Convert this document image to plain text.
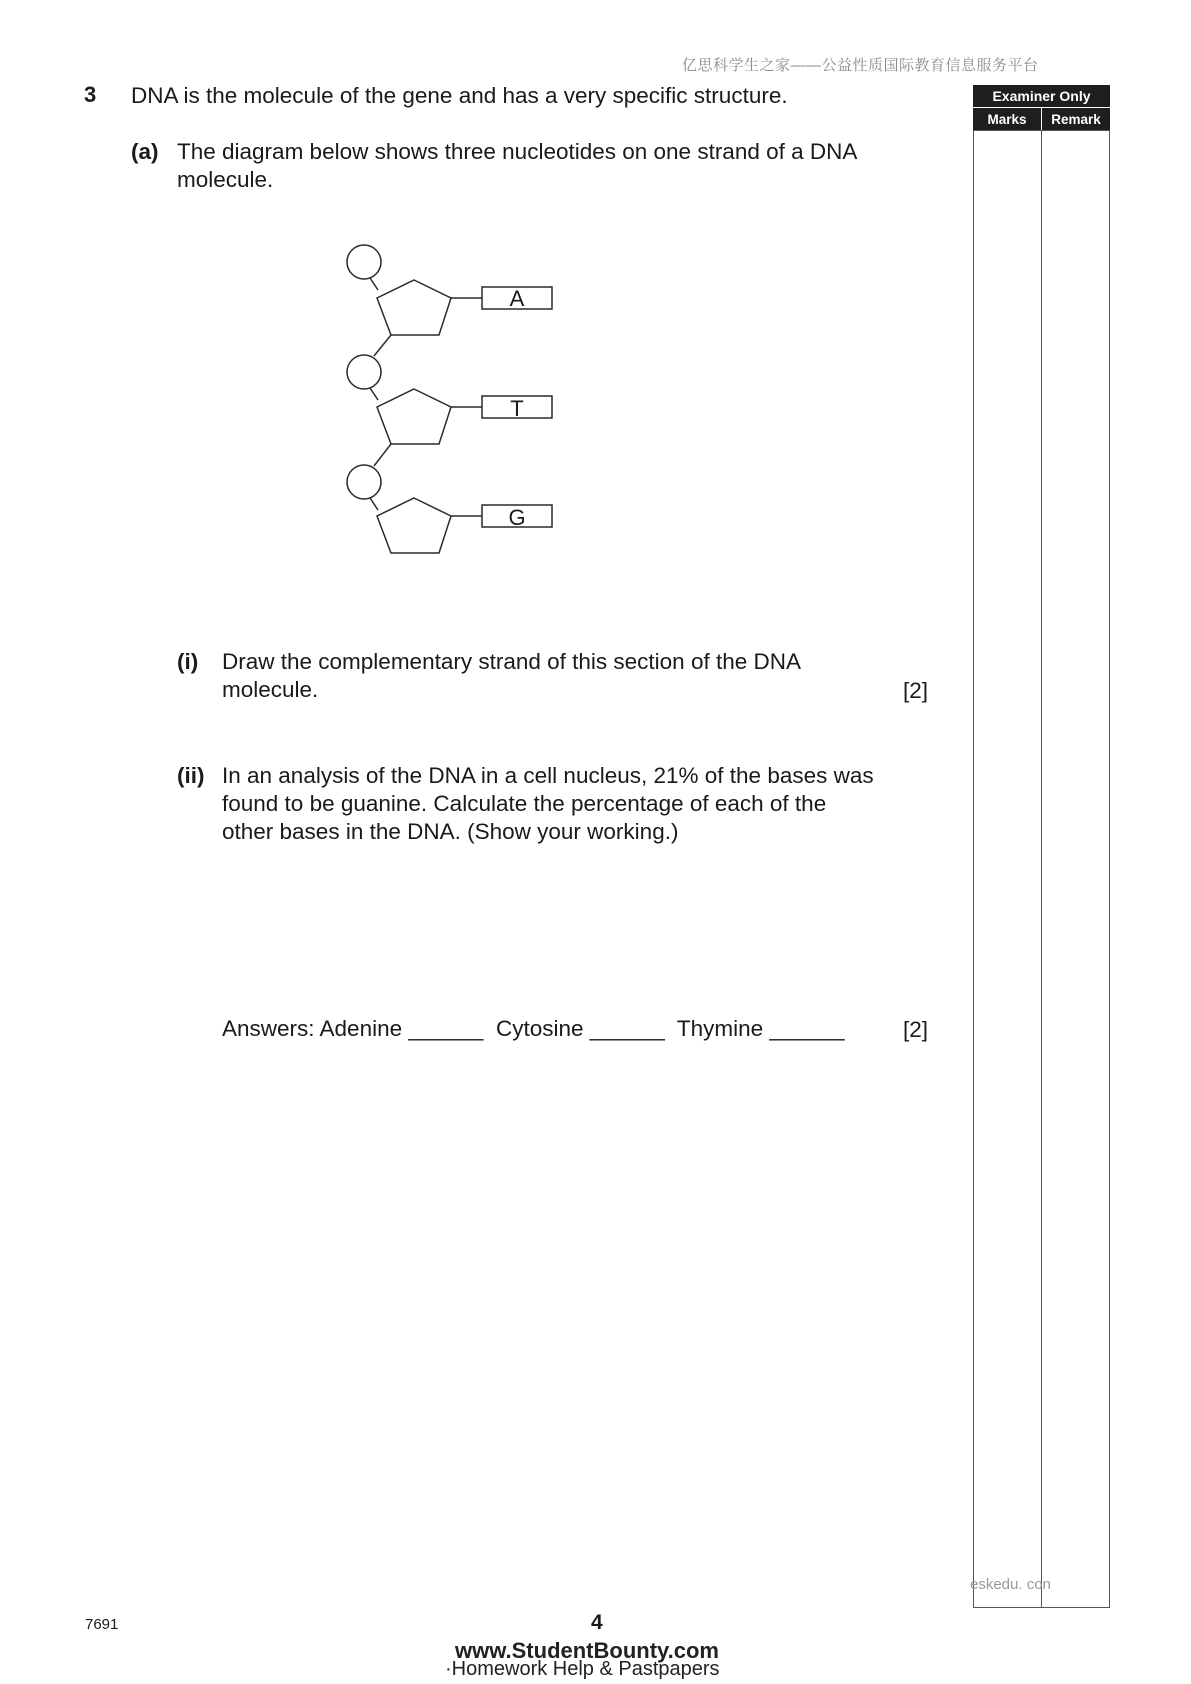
亿思科学生之家——公益性质国际教育信息服务平台
Examiner Only
Marks	Remark
3 DNA is the molecule of the gene and has a very specific structure.
(a) The diagram below shows three nucleotides on one strand of a DNA
molecule.
A
T
G
(i) Draw the complementary strand of this section of the DNA
molecule.	[2]
(ii) In an analysis of the DNA in a cell nucleus, 21% of the bases was
found to be guanine. Calculate the percentage of each of the
other bases in the DNA. (Show your working.)
Answers: Adenine ______  Cytosine ______  Thymine ______	[2]
eskedu. con
7691	4
www.StudentBounty.com
·Homework Help & Pastpapers
